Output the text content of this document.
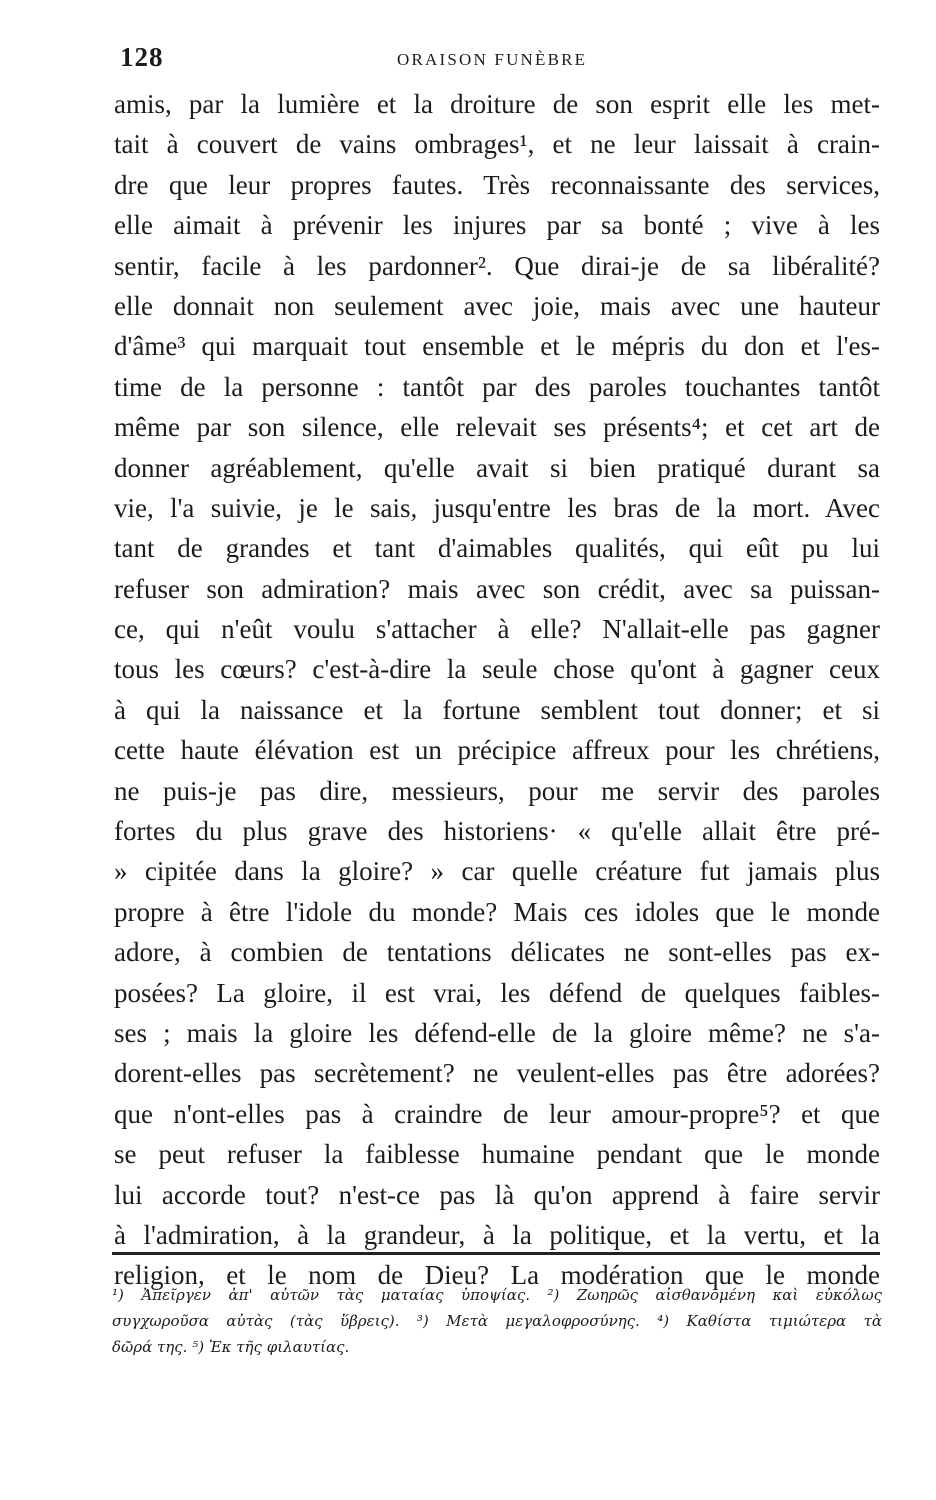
128	ORAISON FUNÈBRE
amis, par la lumière et la droiture de son esprit elle les met-
tait à couvert de vains ombrages¹, et ne leur laissait à crain-
dre que leur propres fautes. Très reconnaissante des services,
elle aimait à prévenir les injures par sa bonté ; vive à les
sentir, facile à les pardonner². Que dirai-je de sa libéralité?
elle donnait non seulement avec joie, mais avec une hauteur
d'âme³ qui marquait tout ensemble et le mépris du don et l'es-
time de la personne : tantôt par des paroles touchantes tantôt
même par son silence, elle relevait ses présents⁴; et cet art de
donner agréablement, qu'elle avait si bien pratiqué durant sa
vie, l'a suivie, je le sais, jusqu'entre les bras de la mort. Avec
tant de grandes et tant d'aimables qualités, qui eût pu lui
refuser son admiration? mais avec son crédit, avec sa puissan-
ce, qui n'eût voulu s'attacher à elle? N'allait-elle pas gagner
tous les cœurs? c'est-à-dire la seule chose qu'ont à gagner ceux
à qui la naissance et la fortune semblent tout donner; et si
cette haute élévation est un précipice affreux pour les chrétiens,
ne puis-je pas dire, messieurs, pour me servir des paroles
fortes du plus grave des historiens· « qu'elle allait être pré-
» cipitée dans la gloire? » car quelle créature fut jamais plus
propre à être l'idole du monde? Mais ces idoles que le monde
adore, à combien de tentations délicates ne sont-elles pas ex-
posées? La gloire, il est vrai, les défend de quelques faibles-
ses ; mais la gloire les défend-elle de la gloire même? ne s'a-
dorent-elles pas secrètement? ne veulent-elles pas être adorées?
que n'ont-elles pas à craindre de leur amour-propre⁵? et que
se peut refuser la faiblesse humaine pendant que le monde
lui accorde tout? n'est-ce pas là qu'on apprend à faire servir
à l'admiration, à la grandeur, à la politique, et la vertu, et la
religion, et le nom de Dieu? La modération que le monde
¹) Ἀπεῖργεν ἀπ' αὐτῶν τὰς ματαίας ὑποψίας. ²) Ζωηρῶς αἰσθανομένη καὶ εὐκόλως
συγχωροῦσα αὐτὰς (τὰς ὕβρεις). ³) Μετὰ μεγαλοφροσύνης. ⁴) Καθίστα τιμιώτερα τὰ
δῶρά της. ⁵) Ἐκ τῆς φιλαυτίας.
